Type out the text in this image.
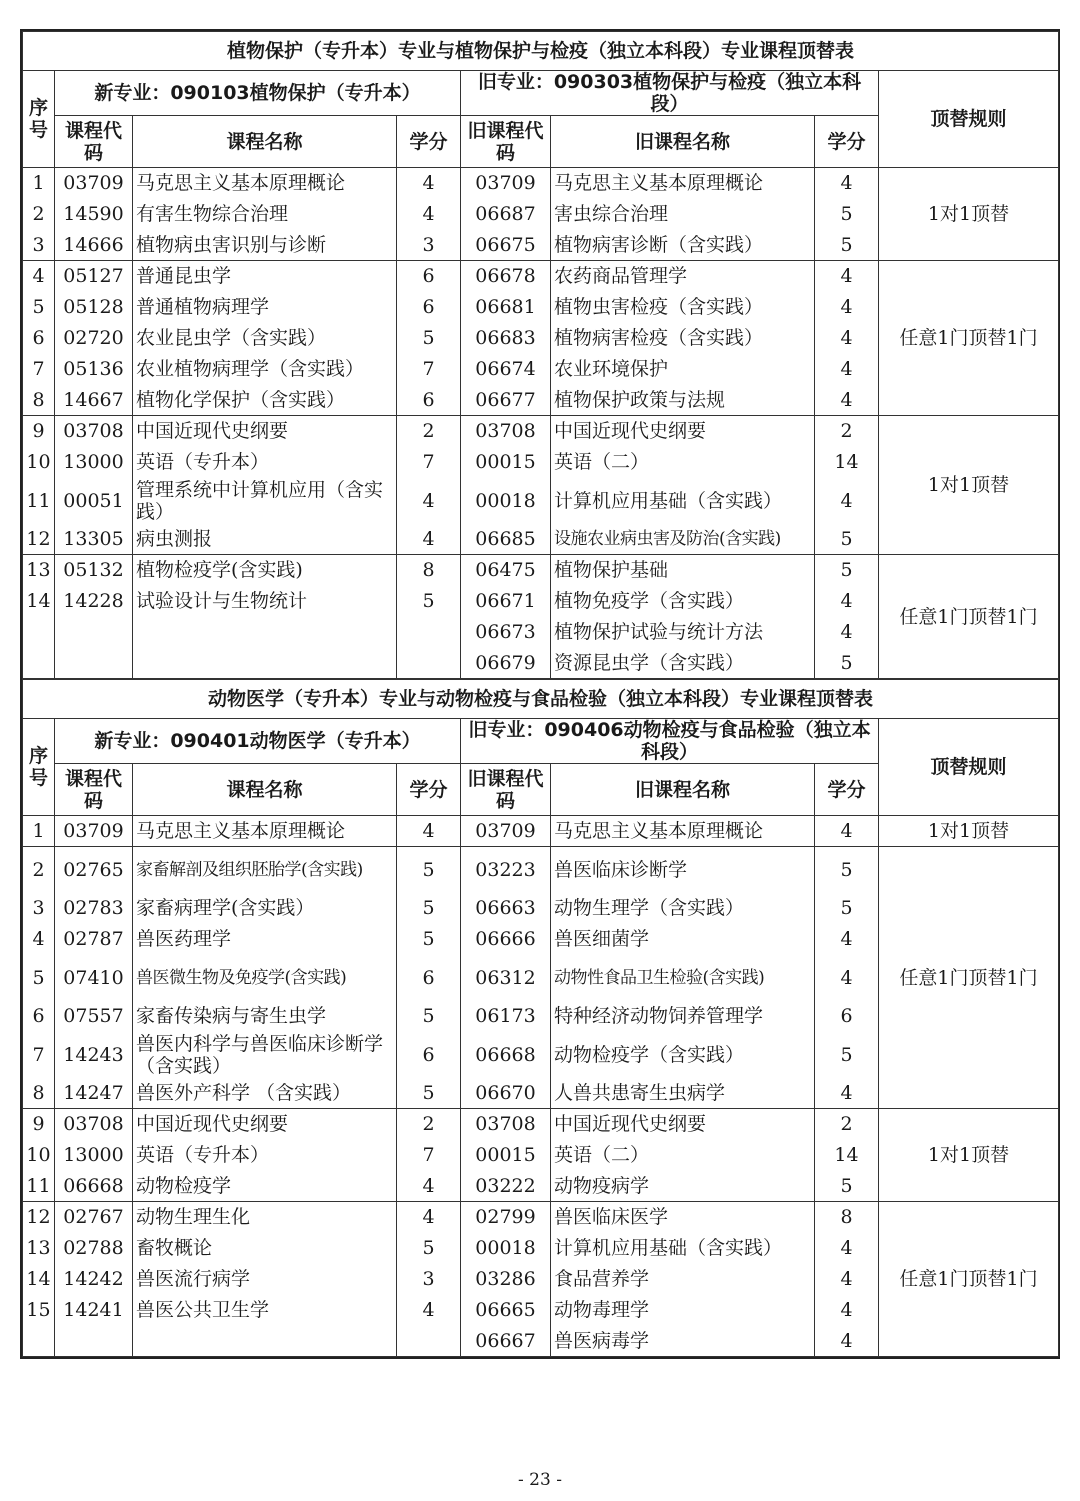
植物保护（专升本）专业与植物保护与检疫（独立本科段）专业课程顶替表							
序号	新专业：090103植物保护（专升本）			旧专业：090303植物保护与检疫（独立本科段）			顶替规则
	课程代码	课程名称	学分	旧课程代码	旧课程名称	学分	
1	03709	马克思主义基本原理概论	4	03709	马克思主义基本原理概论	4	1对1顶替
2	14590	有害生物综合治理	4	06687	害虫综合治理	5	
3	14666	植物病虫害识别与诊断	3	06675	植物病害诊断（含实践）	5	
4	05127	普通昆虫学	6	06678	农药商品管理学	4	任意1门顶替1门
5	05128	普通植物病理学	6	06681	植物虫害检疫（含实践）	4	
6	02720	农业昆虫学（含实践）	5	06683	植物病害检疫（含实践）	4	
7	05136	农业植物病理学（含实践）	7	06674	农业环境保护	4	
8	14667	植物化学保护（含实践）	6	06677	植物保护政策与法规	4	
9	03708	中国近现代史纲要	2	03708	中国近现代史纲要	2	1对1顶替
10	13000	英语（专升本）	7	00015	英语（二）	14	
11	00051	管理系统中计算机应用（含实践）	4	00018	计算机应用基础（含实践）	4	
12	13305	病虫测报	4	06685	设施农业病虫害及防治(含实践)	5	
13	05132	植物检疫学(含实践)	8	06475	植物保护基础	5	任意1门顶替1门
14	14228	试验设计与生物统计	5	06671	植物免疫学（含实践）	4	
				06673	植物保护试验与统计方法	4	
				06679	资源昆虫学（含实践）	5	
动物医学（专升本）专业与动物检疫与食品检验（独立本科段）专业课程顶替表							
序号	新专业：090401动物医学（专升本）			旧专业：090406动物检疫与食品检验（独立本科段）			顶替规则
	课程代码	课程名称	学分	旧课程代码	旧课程名称	学分	
1	03709	马克思主义基本原理概论	4	03709	马克思主义基本原理概论	4	1对1顶替
2	02765	家畜解剖及组织胚胎学(含实践)	5	03223	兽医临床诊断学	5	任意1门顶替1门
3	02783	家畜病理学(含实践）	5	06663	动物生理学（含实践）	5	
4	02787	兽医药理学	5	06666	兽医细菌学	4	
5	07410	兽医微生物及免疫学(含实践)	6	06312	动物性食品卫生检验(含实践)	4	
6	07557	家畜传染病与寄生虫学	5	06173	特种经济动物饲养管理学	6	
7	14243	兽医内科学与兽医临床诊断学（含实践）	6	06668	动物检疫学（含实践）	5	
8	14247	兽医外产科学 （含实践）	5	06670	人兽共患寄生虫病学	4	
9	03708	中国近现代史纲要	2	03708	中国近现代史纲要	2	1对1顶替
10	13000	英语（专升本）	7	00015	英语（二）	14	
11	06668	动物检疫学	4	03222	动物疫病学	5	
12	02767	动物生理生化	4	02799	兽医临床医学	8	任意1门顶替1门
13	02788	畜牧概论	5	00018	计算机应用基础（含实践）	4	
14	14242	兽医流行病学	3	03286	食品营养学	4	
15	14241	兽医公共卫生学	4	06665	动物毒理学	4	
				06667	兽医病毒学	4	
- 23 -
